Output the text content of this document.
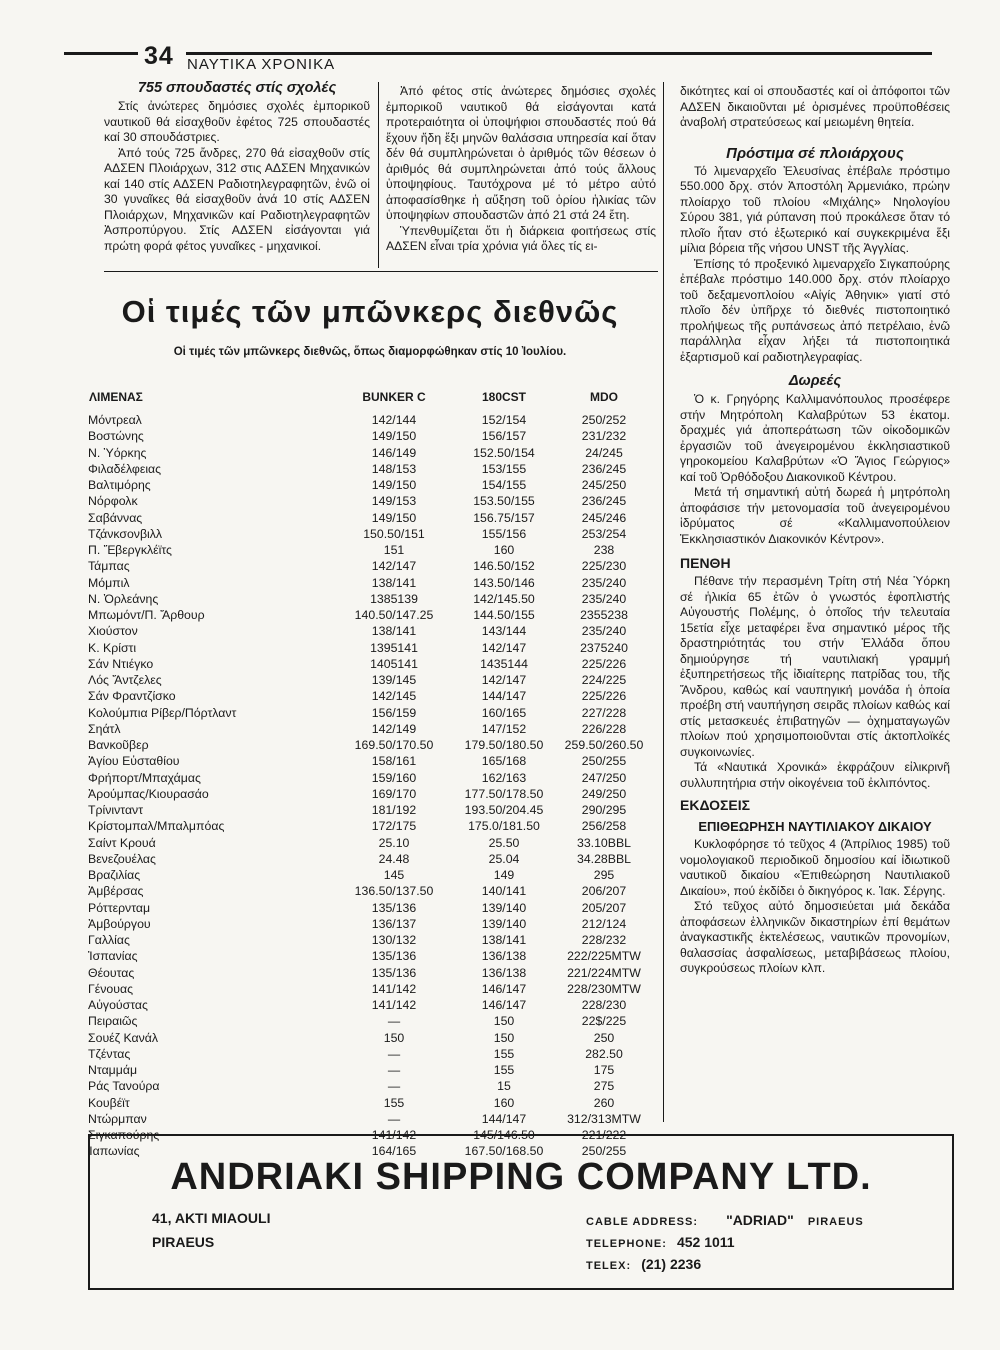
34 ΝΑΥΤΙΚΑ ΧΡΟΝΙΚΑ
755 σπουδαστές στίς σχολές

Στίς ἀνώτερες δημόσιες σχολές ἐμπορικοῦ ναυτικοῦ θά εἰσαχθοῦν ἐφέτος 725 σπουδαστές καί 30 σπουδάστριες.

Ἀπό τούς 725 ἄνδρες, 270 θά εἰσαχθοῦν στίς ΑΔΣΕΝ Πλοιάρχων, 312 στις ΑΔΣΕΝ Μηχανικών καί 140 στίς ΑΔΣΕΝ Ραδιοτηλεγραφητῶν, ἐνῶ οἱ 30 γυναῖκες θά εἰσαχθοῦν ἀνά 10 στίς ΑΔΣΕΝ Πλοιάρχων, Μηχανικῶν καί Ραδιοτηλεγραφητῶν Ἀσπροπύργου. Στίς ΑΔΣΕΝ εἰσάγονται γιά πρώτη φορά φέτος γυναῖκες - μηχανικοί.

Ἀπό φέτος στίς ἀνώτερες δημόσιες σχολές ἐμπορικοῦ ναυτικοῦ θά εἰσάγονται κατά προτεραιότητα οἱ ὑποψήφιοι σπουδαστές πού θά ἔχουν ἤδη ἕξι μηνῶν θαλάσσια υπηρεσία καί ὅταν δέν θά συμπληρώνεται ὁ ἀριθμός τῶν θέσεων ὁ ἀριθμός θά συμπληρώνεται ἀπό τούς ἄλλους ὑποψηφίους. Ταυτόχρονα μέ τό μέτρο αὐτό ἀποφασίσθηκε ἡ αὔξηση τοῦ ὁρίου ἡλικίας τῶν ὑποψηφίων σπουδαστῶν ἀπό 21 στά 24 ἔτη.

Ὑπενθυμίζεται ὅτι ἡ διάρκεια φοιτήσεως στίς ΑΔΣΕΝ εἶναι τρία χρόνια γιά ὅλες τίς ει-

Οἱ τιμές τῶν μπῶνκερς διεθνῶς
Οἱ τιμές τῶν μπῶνκερς διεθνῶς, ὅπως διαμορφώθηκαν στίς 10 Ἰουλίου.
ΛΙΜΕΝΑΣ	BUNKER C	180CST	MDO
Μόντρεαλ	142/144	152/154	250/252
Βοστώνης	149/150	156/157	231/232
Ν. Ὑόρκης	146/149	152.50/154	24/245
Φιλαδέλφειας	148/153	153/155	236/245
Βαλτιμόρης	149/150	154/155	245/250
Νόρφολκ	149/153	153.50/155	236/245
Σαβάννας	149/150	156.75/157	245/246
Τζάνκσονβιλλ	150.50/151	155/156	253/254
Π. Ἔβεργκλέϊτς	151	160	238
Τάμπας	142/147	146.50/152	225/230
Μόμπιλ	138/141	143.50/146	235/240
Ν. Ὀρλεάνης	1385139	142/145.50	235/240
Μπωμόντ/Π. Ἄρθουρ	140.50/147.25	144.50/155	2355238
Χιούστον	138/141	143/144	235/240
Κ. Κρίστι	1395141	142/147	2375240
Σάν Ντιέγκο	1405141	1435144	225/226
Λός Ἄντζελες	139/145	142/147	224/225
Σάν Φραντζίσκο	142/145	144/147	225/226
Κολούμπια Ρίβερ/Πόρτλαντ	156/159	160/165	227/228
Σηάτλ	142/149	147/152	226/228
Βανκοῦβερ	169.50/170.50	179.50/180.50	259.50/260.50
Ἁγίου Εὐσταθίου	158/161	165/168	250/255
Φρήπορτ/Μπαχάμας	159/160	162/163	247/250
Ἀρούμπας/Κιουρασάο	169/170	177.50/178.50	249/250
Τρίνινταντ	181/192	193.50/204.45	290/295
Κρίστομπαλ/Μπαλμπόας	172/175	175.0/181.50	256/258
Σαίντ Κρουά	25.10	25.50	33.10BBL
Βενεζουέλας	24.48	25.04	34.28BBL
Βραζιλίας	145	149	295
Ἀμβέρσας	136.50/137.50	140/141	206/207
Ρόττερνταμ	135/136	139/140	205/207
Ἀμβούργου	136/137	139/140	212/124
Γαλλίας	130/132	138/141	228/232
Ἰσπανίας	135/136	136/138	222/225MTW
Θέουτας	135/136	136/138	221/224MTW
Γένουας	141/142	146/147	228/230MTW
Αὐγούστας	141/142	146/147	228/230
Πειραιῶς	—	150	22$/225
Σουέζ Κανάλ	150	150	250
Τζέντας	—	155	282.50
Νταμμάμ	—	155	175
Ράς Τανούρα	—	15	275
Κουβέϊτ	155	160	260
Ντώρμπαν	—	144/147	312/313MTW
Σιγκαπούρης	141/142	145/146.50	221/222
Ἰαπωνίας	164/165	167.50/168.50	250/255

δικότητες καί οἱ σπουδαστές καί οἱ ἀπόφοιτοι τῶν ΑΔΣΕΝ δικαιοῦνται μέ ὁρισμένες προϋποθέσεις ἀναβολή στρατεύσεως καί μειωμένη θητεία.

Πρόστιμα σέ πλοιάρχους

Τό λιμεναρχεῖο Ἐλευσίνας ἐπέβαλε πρόστιμο 550.000 δρχ. στόν Ἀποστόλη Ἀρμενιάκο, πρώην πλοίαρχο τοῦ πλοίου «Μιχάλης» Νηολογίου Σύρου 381, γιά ρύπανση πού προκάλεσε ὅταν τό πλοῖο ἦταν στό ἐξωτερικό καί συγκεκριμένα ἕξι μίλια βόρεια τῆς νήσου UNST τῆς Ἀγγλίας.

Ἐπίσης τό προξενικό λιμεναρχεῖο Σιγκαπούρης ἐπέβαλε πρόστιμο 140.000 δρχ. στόν πλοίαρχο τοῦ δεξαμενοπλοίου «Αἰγίς Ἀθηνικ» γιατί στό πλοῖο δέν ὑπῆρχε τό διεθνές πιστοποιητικό προλήψεως τῆς ρυπάνσεως ἀπό πετρέλαιο, ἐνῶ παράλληλα εἶχαν λήξει τά πιστοποιητικά ἐξαρτισμοῦ καί ραδιοτηλεγραφίας.

Δωρεές

Ὁ κ. Γρηγόρης Καλλιμανόπουλος προσέφερε στήν Μητρόπολη Καλαβρύτων 53 ἑκατομ. δραχμές γιά ἀποπεράτωση τῶν οἰκοδομικῶν ἐργασιῶν τοῦ ἀνεγειρομένου ἐκκλησιαστικοῦ γηροκομείου Καλαβρύτων «Ὁ Ἅγιος Γεώργιος» καί τοῦ Ὀρθόδοξου Διακονικοῦ Κέντρου.

Μετά τή σημαντική αὐτή δωρεά ἡ μητρόπολη ἀποφάσισε τήν μετονομασία τοῦ ἀνεγειρομένου ἱδρύματος σέ «Καλλιμανοπούλειον Ἐκκλησιαστικόν Διακονικόν Κέντρον».

ΠΕΝΘΗ

Πέθανε τήν περασμένη Τρίτη στή Νέα Ὑόρκη σέ ἡλικία 65 ἐτῶν ὁ γνωστός ἐφοπλιστής Αὐγουστής Πολέμης, ὁ ὁποῖος τήν τελευταία 15ετία εἶχε μεταφέρει ἕνα σημαντικό μέρος τῆς δραστηριότητάς του στήν Ἑλλάδα ὅπου δημιούργησε τή ναυτιλιακή γραμμή ἐξυπηρετήσεως τῆς ἰδιαίτερης πατρίδας του, τῆς Ἄνδρου, καθώς καί ναυπηγική μονάδα ἡ ὁποία προέβη στή ναυπήγηση σειρᾶς πλοίων καθώς καί στίς μετασκευές ἐπιβατηγῶν — ὀχηματαγωγῶν πλοίων πού χρησιμοποιοῦνται στίς ἀκτοπλοϊκές συγκοινωνίες.

Τά «Ναυτικά Χρονικά» ἐκφράζουν εἰλικρινῆ συλλυπητήρια στήν οἰκογένεια τοῦ ἐκλιπόντος.

ΕΚΔΟΣΕΙΣ
ΕΠΙΘΕΩΡΗΣΗ ΝΑΥΤΙΛΙΑΚΟΥ ΔΙΚΑΙΟΥ

Κυκλοφόρησε τό τεῦχος 4 (Ἀπρίλιος 1985) τοῦ νομολογιακοῦ περιοδικοῦ δημοσίου καί ἰδιωτικοῦ ναυτικοῦ δικαίου «Ἐπιθεώρηση Ναυτιλιακοῦ Δικαίου», πού ἐκδίδει ὁ δικηγόρος κ. Ἰακ. Σέργης.

Στό τεῦχος αὐτό δημοσιεύεται μιά δεκάδα ἀποφάσεων ἑλληνικῶν δικαστηρίων ἐπί θεμάτων ἀναγκαστικῆς ἐκτελέσεως, ναυτικῶν προνομίων, θαλασσίας ἀσφαλίσεως, μεταβιβάσεως πλοίου, συγκρούσεως πλοίων κλπ.

ANDRIAKI SHIPPING COMPANY LTD.
41, AKTI MIAOULI
PIRAEUS
CABLE ADDRESS: "ADRIAD" PIRAEUS
TELEPHONE: 452 1011
TELEX: (21) 2236
